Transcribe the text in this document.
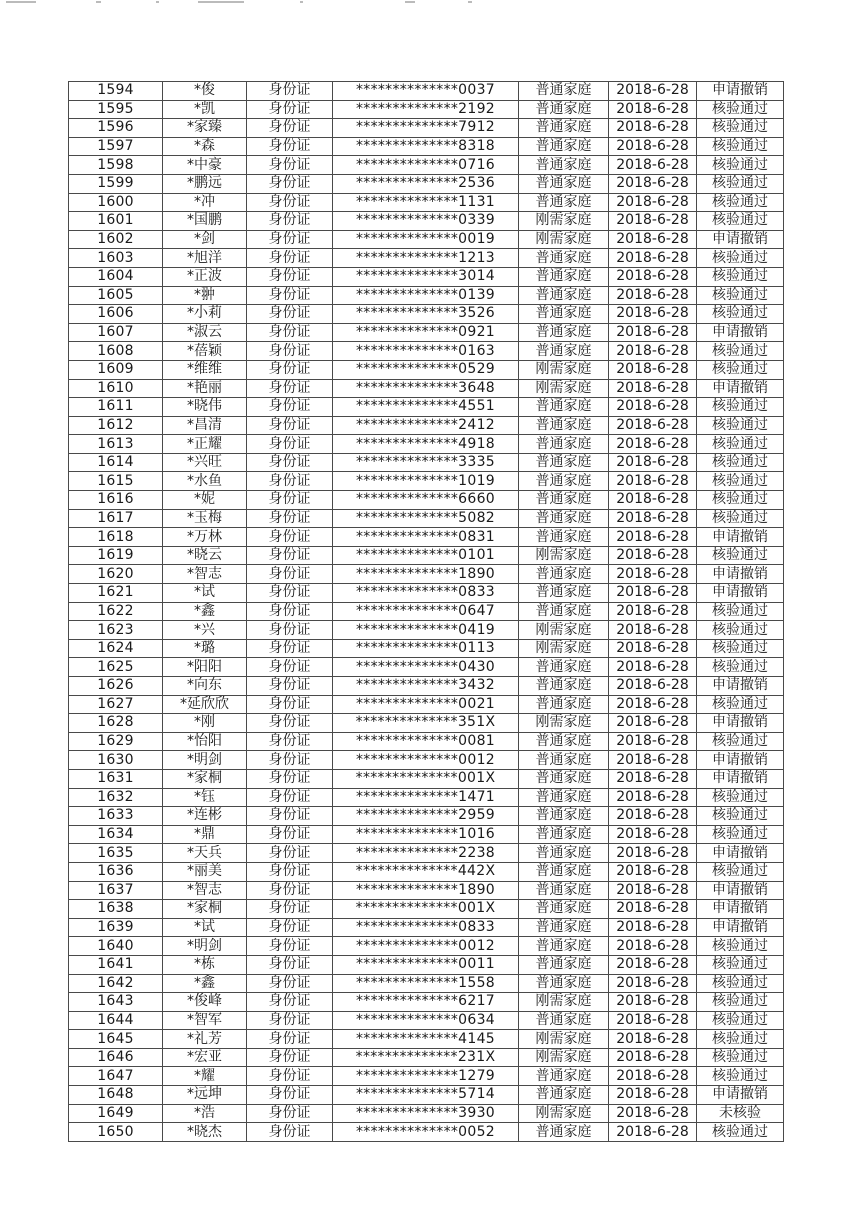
1594	*俊	身份证	**************0037	普通家庭	2018-6-28	申请撤销
1595	*凯	身份证	**************2192	普通家庭	2018-6-28	核验通过
1596	*家臻	身份证	**************7912	普通家庭	2018-6-28	核验通过
1597	*森	身份证	**************8318	普通家庭	2018-6-28	核验通过
1598	*中豪	身份证	**************0716	普通家庭	2018-6-28	核验通过
1599	*鹏远	身份证	**************2536	普通家庭	2018-6-28	核验通过
1600	*冲	身份证	**************1131	普通家庭	2018-6-28	核验通过
1601	*国鹏	身份证	**************0339	刚需家庭	2018-6-28	核验通过
1602	*剑	身份证	**************0019	刚需家庭	2018-6-28	申请撤销
1603	*旭洋	身份证	**************1213	普通家庭	2018-6-28	核验通过
1604	*正波	身份证	**************3014	普通家庭	2018-6-28	核验通过
1605	*翀	身份证	**************0139	普通家庭	2018-6-28	核验通过
1606	*小莉	身份证	**************3526	普通家庭	2018-6-28	核验通过
1607	*淑云	身份证	**************0921	普通家庭	2018-6-28	申请撤销
1608	*蓓颖	身份证	**************0163	普通家庭	2018-6-28	核验通过
1609	*维维	身份证	**************0529	刚需家庭	2018-6-28	核验通过
1610	*艳丽	身份证	**************3648	刚需家庭	2018-6-28	申请撤销
1611	*晓伟	身份证	**************4551	普通家庭	2018-6-28	核验通过
1612	*昌清	身份证	**************2412	普通家庭	2018-6-28	核验通过
1613	*正耀	身份证	**************4918	普通家庭	2018-6-28	核验通过
1614	*兴旺	身份证	**************3335	普通家庭	2018-6-28	核验通过
1615	*水鱼	身份证	**************1019	普通家庭	2018-6-28	核验通过
1616	*妮	身份证	**************6660	普通家庭	2018-6-28	核验通过
1617	*玉梅	身份证	**************5082	普通家庭	2018-6-28	核验通过
1618	*万林	身份证	**************0831	普通家庭	2018-6-28	申请撤销
1619	*晓云	身份证	**************0101	刚需家庭	2018-6-28	核验通过
1620	*智志	身份证	**************1890	普通家庭	2018-6-28	申请撤销
1621	*试	身份证	**************0833	普通家庭	2018-6-28	申请撤销
1622	*鑫	身份证	**************0647	普通家庭	2018-6-28	核验通过
1623	*兴	身份证	**************0419	刚需家庭	2018-6-28	核验通过
1624	*璐	身份证	**************0113	刚需家庭	2018-6-28	核验通过
1625	*阳阳	身份证	**************0430	普通家庭	2018-6-28	核验通过
1626	*向东	身份证	**************3432	普通家庭	2018-6-28	申请撤销
1627	*延欣欣	身份证	**************0021	普通家庭	2018-6-28	核验通过
1628	*刚	身份证	**************351X	刚需家庭	2018-6-28	申请撤销
1629	*怡阳	身份证	**************0081	普通家庭	2018-6-28	核验通过
1630	*明剑	身份证	**************0012	普通家庭	2018-6-28	申请撤销
1631	*家桐	身份证	**************001X	普通家庭	2018-6-28	申请撤销
1632	*钰	身份证	**************1471	普通家庭	2018-6-28	核验通过
1633	*连彬	身份证	**************2959	普通家庭	2018-6-28	核验通过
1634	*鼎	身份证	**************1016	普通家庭	2018-6-28	核验通过
1635	*天兵	身份证	**************2238	普通家庭	2018-6-28	申请撤销
1636	*丽美	身份证	**************442X	普通家庭	2018-6-28	核验通过
1637	*智志	身份证	**************1890	普通家庭	2018-6-28	申请撤销
1638	*家桐	身份证	**************001X	普通家庭	2018-6-28	申请撤销
1639	*试	身份证	**************0833	普通家庭	2018-6-28	申请撤销
1640	*明剑	身份证	**************0012	普通家庭	2018-6-28	核验通过
1641	*栋	身份证	**************0011	普通家庭	2018-6-28	核验通过
1642	*鑫	身份证	**************1558	普通家庭	2018-6-28	核验通过
1643	*俊峰	身份证	**************6217	刚需家庭	2018-6-28	核验通过
1644	*智军	身份证	**************0634	普通家庭	2018-6-28	核验通过
1645	*礼芳	身份证	**************4145	刚需家庭	2018-6-28	核验通过
1646	*宏亚	身份证	**************231X	刚需家庭	2018-6-28	核验通过
1647	*耀	身份证	**************1279	普通家庭	2018-6-28	核验通过
1648	*远坤	身份证	**************5714	普通家庭	2018-6-28	申请撤销
1649	*浩	身份证	**************3930	刚需家庭	2018-6-28	未核验
1650	*晓杰	身份证	**************0052	普通家庭	2018-6-28	核验通过
